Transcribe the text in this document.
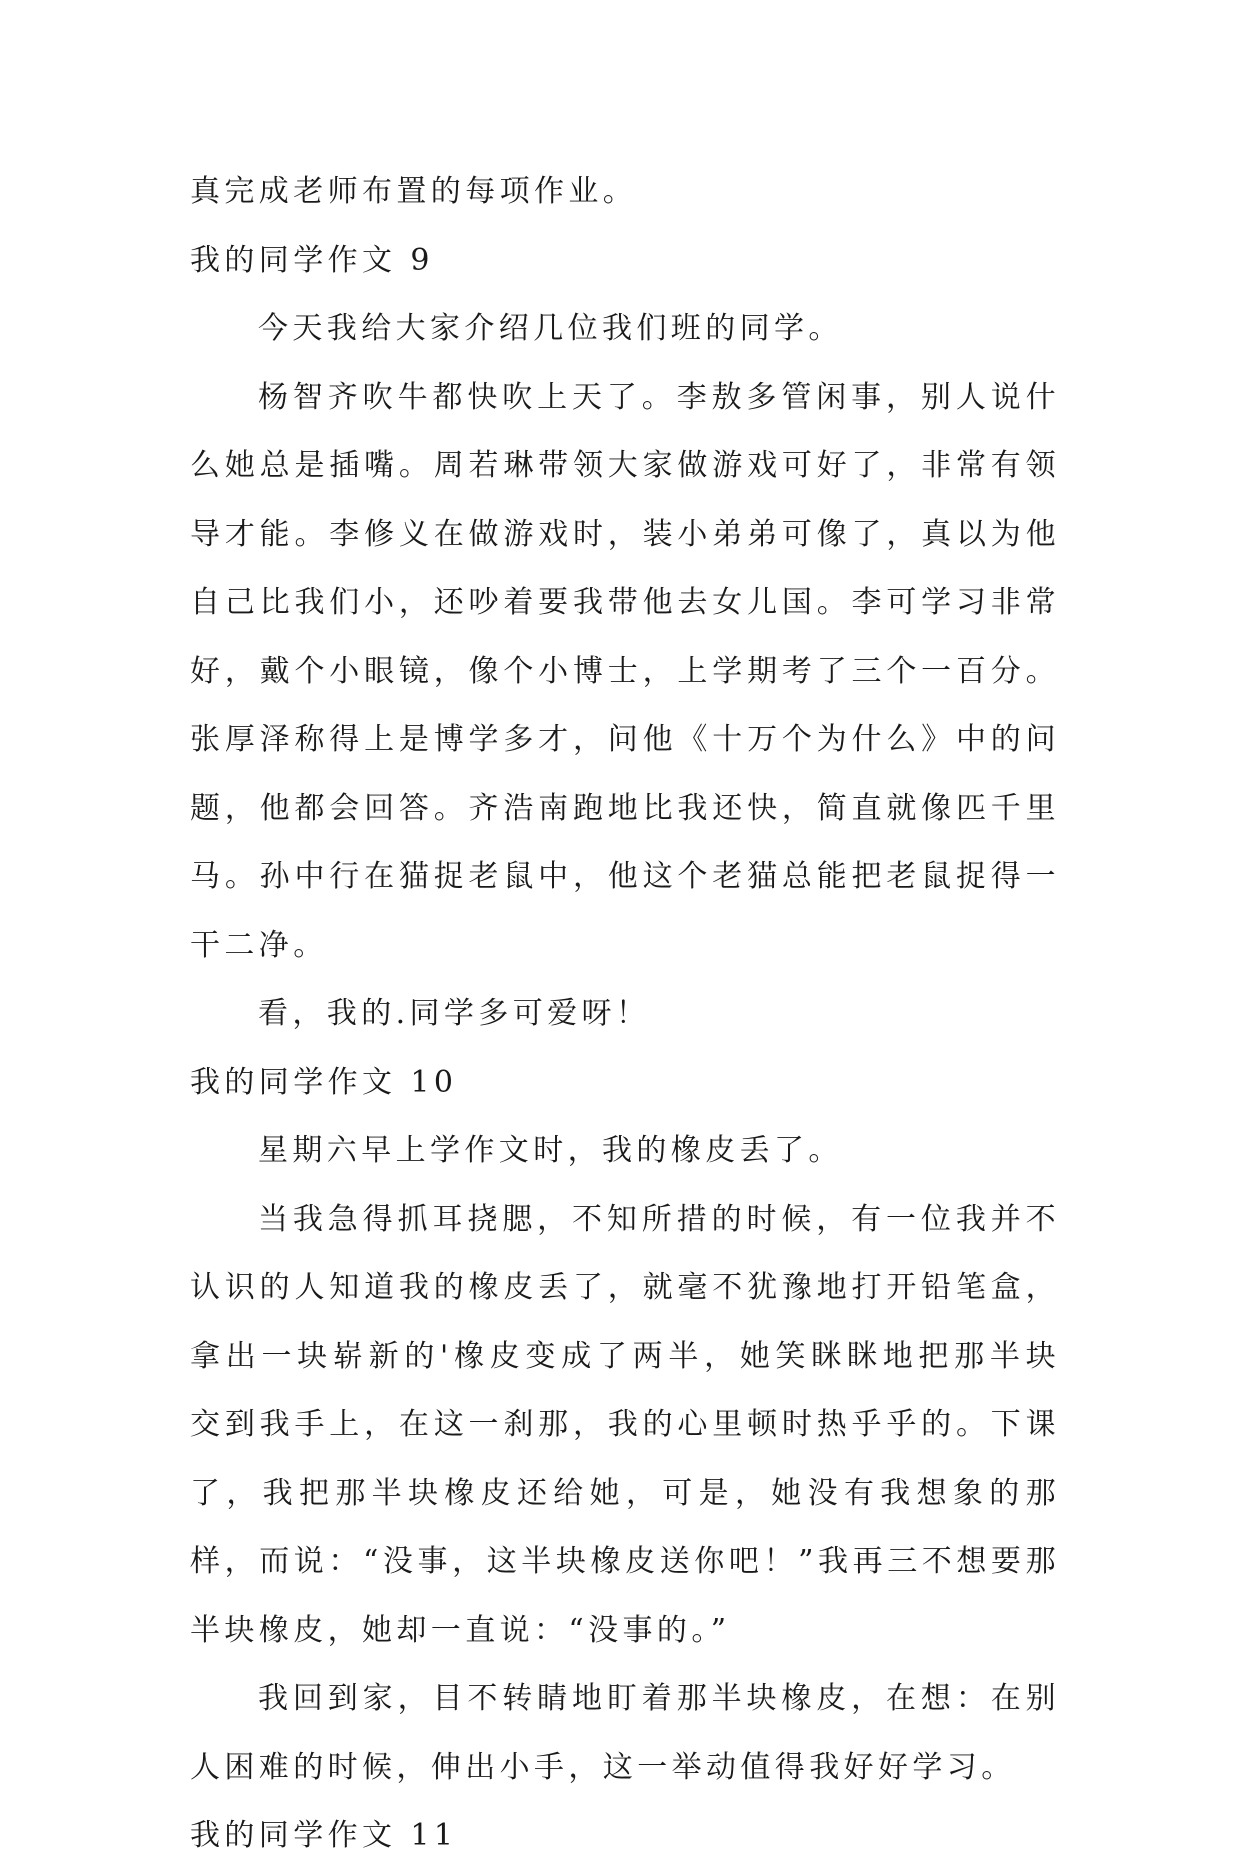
真完成老师布置的每项作业。

我的同学作文 9

今天我给大家介绍几位我们班的同学。

杨智齐吹牛都快吹上天了。李敖多管闲事，别人说什么她总是插嘴。周若琳带领大家做游戏可好了，非常有领导才能。李修义在做游戏时，装小弟弟可像了，真以为他自己比我们小，还吵着要我带他去女儿国。李可学习非常好，戴个小眼镜，像个小博士，上学期考了三个一百分。张厚泽称得上是博学多才，问他《十万个为什么》中的问题，他都会回答。齐浩南跑地比我还快，简直就像匹千里马。孙中行在猫捉老鼠中，他这个老猫总能把老鼠捉得一干二净。

看，我的.同学多可爱呀！

我的同学作文 10

星期六早上学作文时，我的橡皮丢了。

当我急得抓耳挠腮，不知所措的时候，有一位我并不认识的人知道我的橡皮丢了，就毫不犹豫地打开铅笔盒，拿出一块崭新的'橡皮变成了两半，她笑眯眯地把那半块交到我手上，在这一刹那，我的心里顿时热乎乎的。下课了，我把那半块橡皮还给她，可是，她没有我想象的那样，而说：“没事，这半块橡皮送你吧！”我再三不想要那半块橡皮，她却一直说：“没事的。”

我回到家，目不转睛地盯着那半块橡皮，在想：在别人困难的时候，伸出小手，这一举动值得我好好学习。

我的同学作文 11
